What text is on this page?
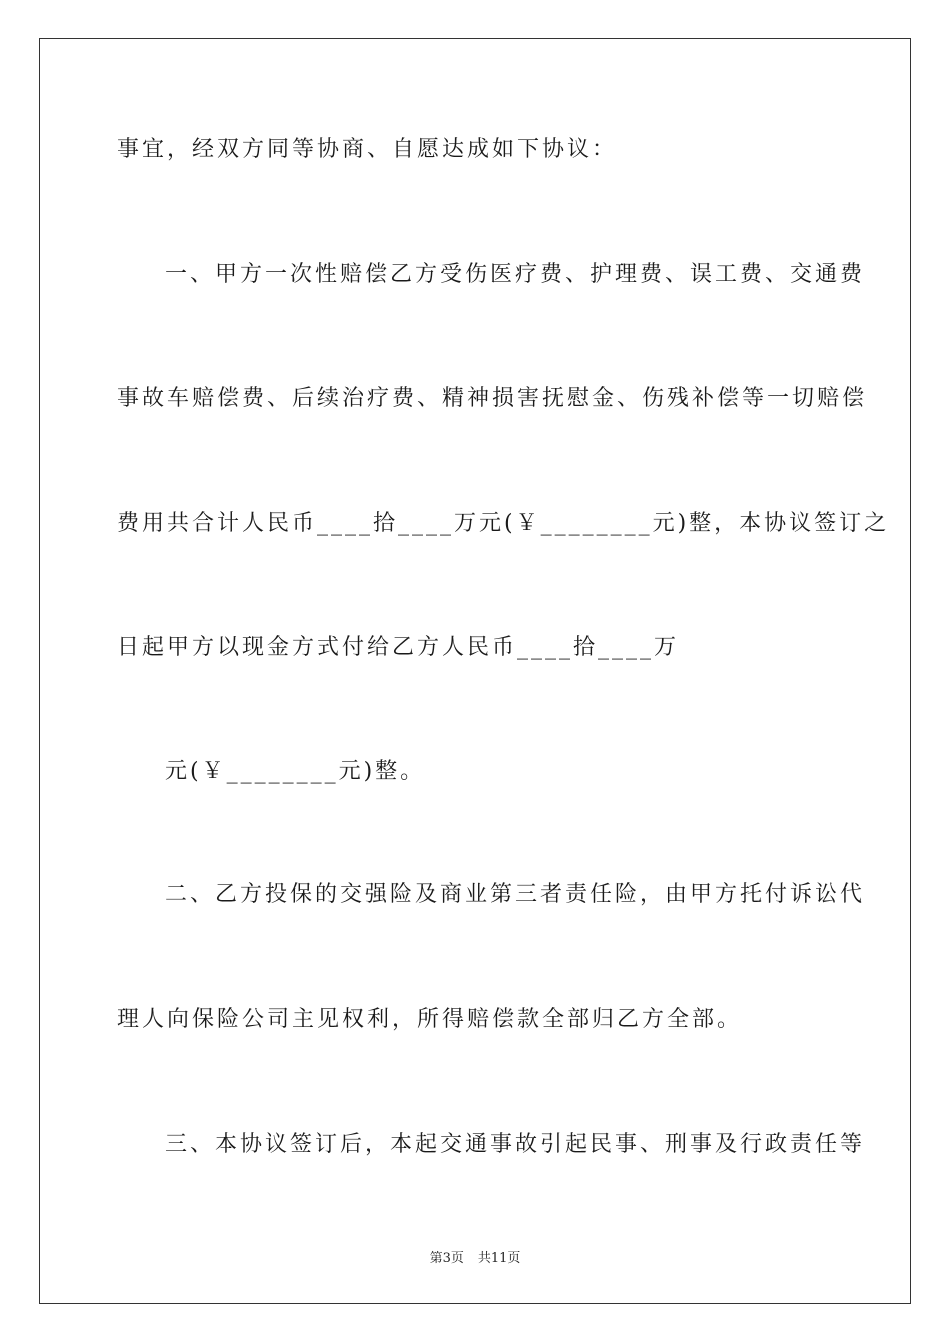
事宜，经双方同等协商、自愿达成如下协议：
一、甲方一次性赔偿乙方受伤医疗费、护理费、误工费、交通费
事故车赔偿费、后续治疗费、精神损害抚慰金、伤残补偿等一切赔偿
费用共合计人民币____拾____万元(￥________元)整，本协议签订之
日起甲方以现金方式付给乙方人民币____拾____万
元(￥________元)整。
二、乙方投保的交强险及商业第三者责任险，由甲方托付诉讼代
理人向保险公司主见权利，所得赔偿款全部归乙方全部。
三、本协议签订后，本起交通事故引起民事、刑事及行政责任等
第3页 共11页
